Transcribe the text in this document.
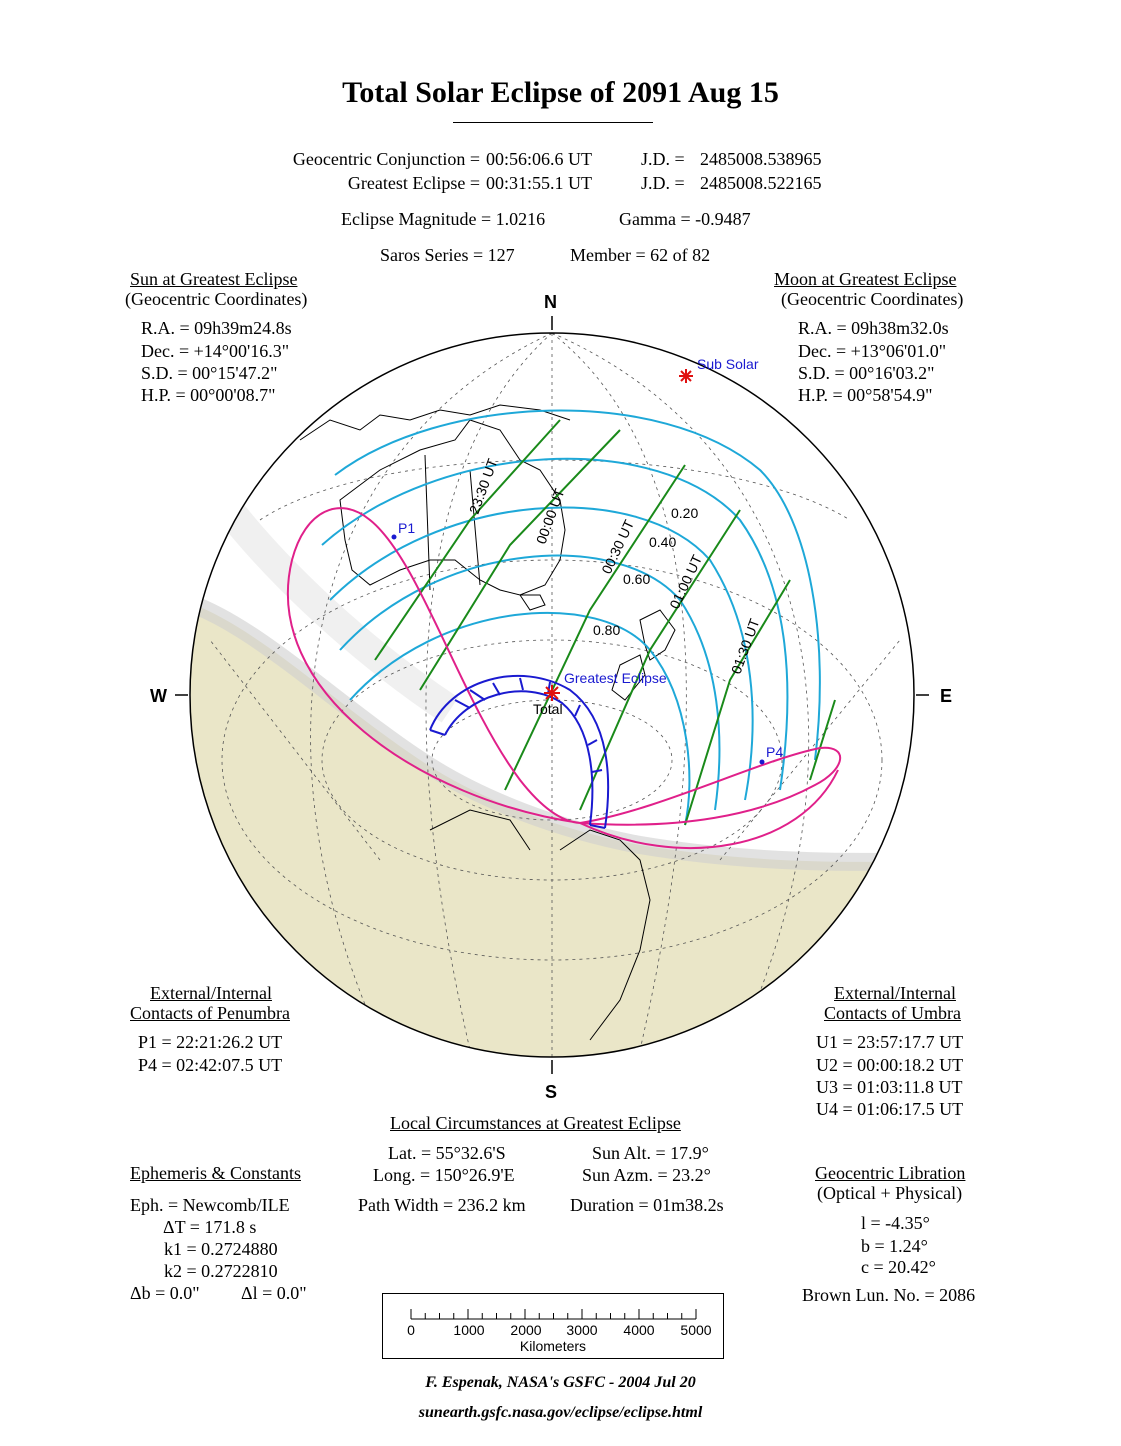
Total Solar Eclipse of 2091 Aug 15
Geocentric Conjunction = 00:56:06.6 UT	J.D. = 2485008.538965
Greatest Eclipse = 00:31:55.1 UT	J.D. = 2485008.522165
Eclipse Magnitude = 1.0216	Gamma = -0.9487
Saros Series = 127	Member = 62 of 82
Sun at Greatest Eclipse
(Geocentric Coordinates)
R.A. = 09h39m24.8s
Dec. = +14°00'16.3"
S.D. = 00°15'47.2"
H.P. = 00°00'08.7"
Moon at Greatest Eclipse
(Geocentric Coordinates)
R.A. = 09h38m32.0s
Dec. = +13°06'01.0"
S.D. = 00°16'03.2"
H.P. = 00°58'54.9"
Sub Solar
Greatest Eclipse
Total
P1
P4
23:30 UT
00:00 UT
00:30 UT
01:00 UT
01:30 UT
0.20
0.40
0.60
0.80
N
S
W	E
External/Internal
Contacts of Penumbra
P1 = 22:21:26.2 UT
P4 = 02:42:07.5 UT
External/Internal
Contacts of Umbra
U1 = 23:57:17.7 UT
U2 = 00:00:18.2 UT
U3 = 01:03:11.8 UT
U4 = 01:06:17.5 UT
Local Circumstances at Greatest Eclipse
Lat. = 55°32.6'S	Sun Alt. = 17.9°
Long. = 150°26.9'E	Sun Azm. = 23.2°
Path Width = 236.2 km Duration = 01m38.2s
Ephemeris & Constants
Eph. = Newcomb/ILE
ΔT = 171.8 s
k1 = 0.2724880
k2 = 0.2722810
Δb = 0.0" Δl = 0.0"
Geocentric Libration
(Optical + Physical)
l = -4.35°
b = 1.24°
c = 20.42°
Brown Lun. No. = 2086
0	1000	2000	3000	4000	5000
Kilometers
F. Espenak, NASA's GSFC - 2004 Jul 20
sunearth.gsfc.nasa.gov/eclipse/eclipse.html
